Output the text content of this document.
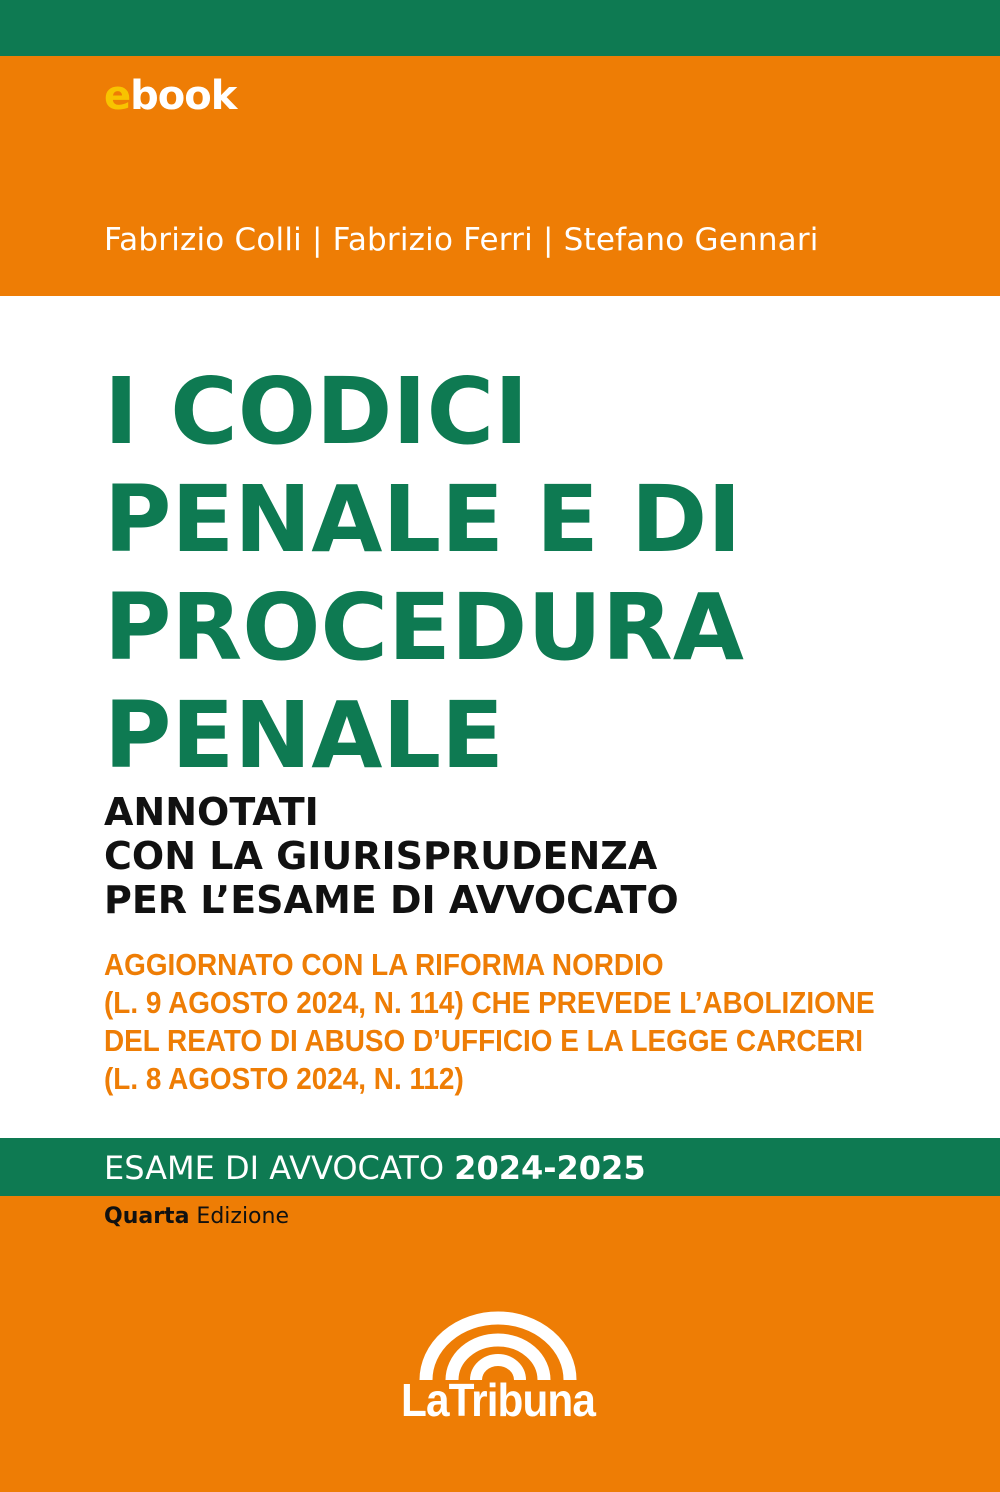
ebook
Fabrizio Colli | Fabrizio Ferri | Stefano Gennari
I CODICI
PENALE E DI
PROCEDURA
PENALE
ANNOTATI
CON LA GIURISPRUDENZA
PER L’ESAME DI AVVOCATO
AGGIORNATO CON LA RIFORMA NORDIO
(L. 9 AGOSTO 2024, N. 114) CHE PREVEDE L’ABOLIZIONE
DEL REATO DI ABUSO D’UFFICIO E LA LEGGE CARCERI
(L. 8 AGOSTO 2024, N. 112)
ESAME DI AVVOCATO 2024-2025
Quarta Edizione
LaTribuna
